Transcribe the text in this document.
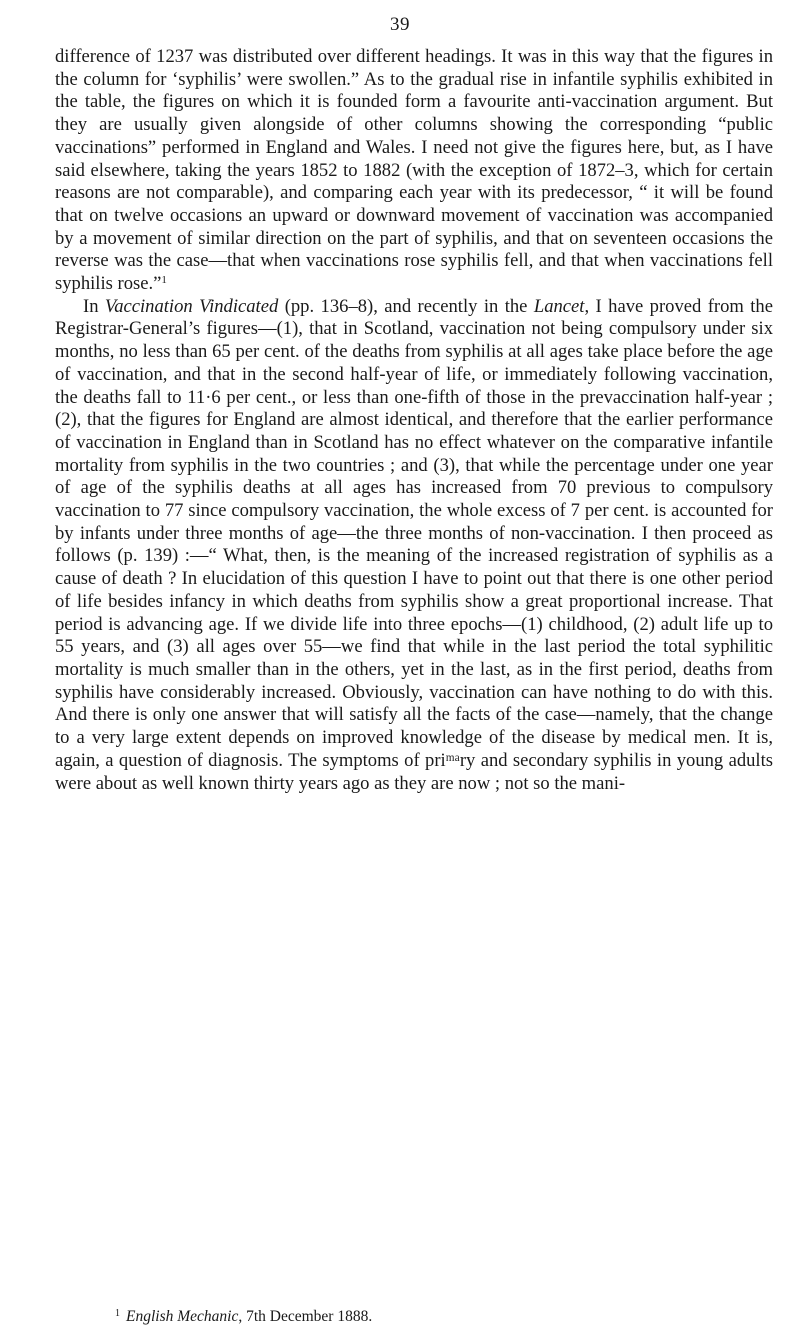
39

difference of 1237 was distributed over different headings. It was in this way that the figures in the column for ‘syphilis’ were swollen.” As to the gradual rise in infantile syphilis exhibited in the table, the figures on which it is founded form a favourite anti-vaccination argument. But they are usually given alongside of other columns showing the corresponding “public vaccinations” performed in England and Wales. I need not give the figures here, but, as I have said elsewhere, taking the years 1852 to 1882 (with the exception of 1872–3, which for certain reasons are not comparable), and comparing each year with its predecessor, “ it will be found that on twelve occasions an upward or downward movement of vaccination was accompanied by a movement of similar direction on the part of syphilis, and that on seventeen occasions the reverse was the case—that when vaccinations rose syphilis fell, and that when vaccinations fell syphilis rose.”$^1$

In Vaccination Vindicated (pp. 136–8), and recently in the Lancet, I have proved from the Registrar-General’s figures—(1), that in Scotland, vaccination not being compulsory under six months, no less than 65 per cent. of the deaths from syphilis at all ages take place before the age of vaccination, and that in the second half-year of life, or immediately following vaccination, the deaths fall to 11·6 per cent., or less than one-fifth of those in the prevaccination half-year ; (2), that the figures for England are almost identical, and therefore that the earlier performance of vaccination in England than in Scotland has no effect whatever on the comparative infantile mortality from syphilis in the two countries ; and (3), that while the percentage under one year of age of the syphilis deaths at all ages has increased from 70 previous to compulsory vaccination to 77 since compulsory vaccination, the whole excess of 7 per cent. is accounted for by infants under three months of age—the three months of non-vaccination. I then proceed as follows (p. 139) :—“ What, then, is the meaning of the increased registration of syphilis as a cause of death ? In elucidation of this question I have to point out that there is one other period of life besides infancy in which deaths from syphilis show a great proportional increase. That period is advancing age. If we divide life into three epochs—(1) childhood, (2) adult life up to 55 years, and (3) all ages over 55—we find that while in the last period the total syphilitic mortality is much smaller than in the others, yet in the last, as in the first period, deaths from syphilis have considerably increased. Obviously, vaccination can have nothing to do with this. And there is only one answer that will satisfy all the facts of the case—namely, that the change to a very large extent depends on improved knowledge of the disease by medical men. It is, again, a question of diagnosis. The symptoms of priᵐᵃry and secondary syphilis in young adults were about as well known thirty years ago as they are now ; not so the mani-

$^1$ English Mechanic, 7th December 1888.
